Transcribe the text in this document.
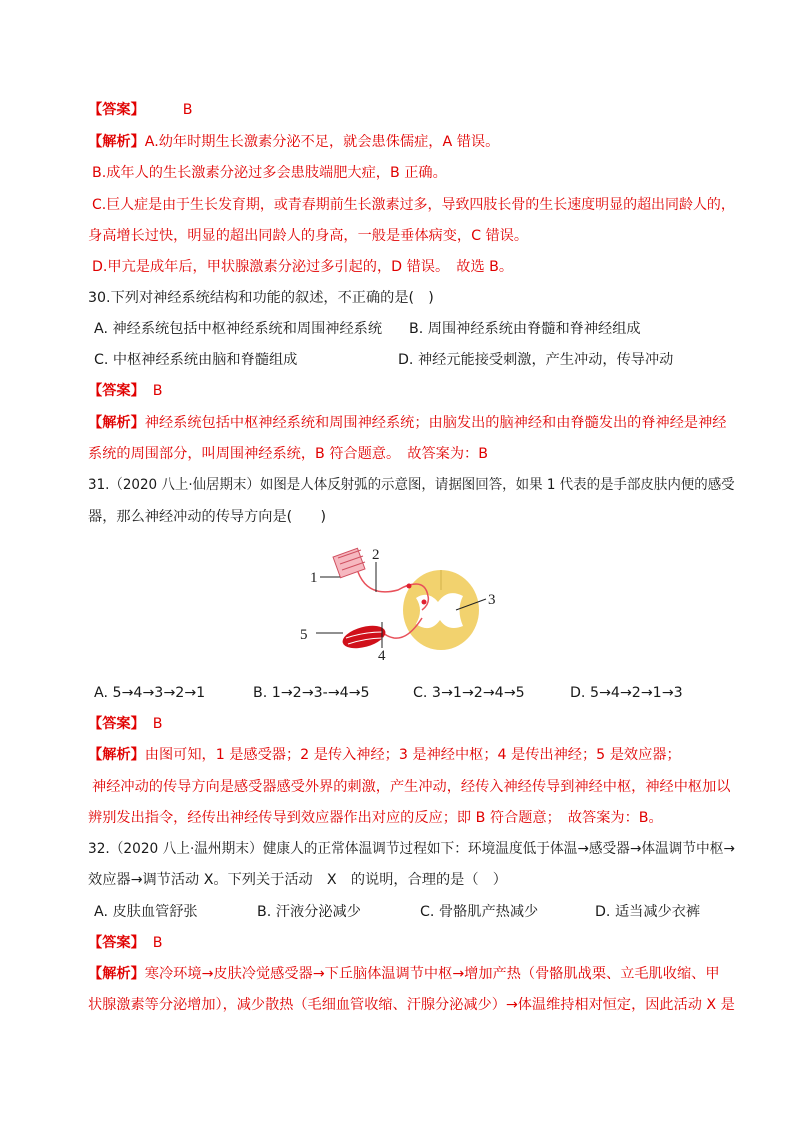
【答案】	B
【解析】A.幼年时期生长激素分泌不足，就会患侏儒症，A 错误。
B.成年人的生长激素分泌过多会患肢端肥大症，B 正确。
C.巨人症是由于生长发育期，或青春期前生长激素过多，导致四肢长骨的生长速度明显的超出同龄人的，
身高增长过快，明显的超出同龄人的身高，一般是垂体病变，C 错误。
D.甲亢是成年后，甲状腺激素分泌过多引起的，D 错误。　故选 B。
30.下列对神经系统结构和功能的叙述，不正确的是(　)
A. 神经系统包括中枢神经系统和周围神经系统 B. 周围神经系统由脊髓和脊神经组成
C. 中枢神经系统由脑和脊髓组成	D. 神经元能接受刺激，产生冲动，传导冲动
【答案】 B
【解析】神经系统包括中枢神经系统和周围神经系统；由脑发出的脑神经和由脊髓发出的脊神经是神经
系统的周围部分，叫周围神经系统，B 符合题意。　故答案为：B
31.（2020 八上·仙居期末）如图是人体反射弧的示意图，请据图回答，如果 1 代表的是手部皮肤内便的感受
器，那么神经冲动的传导方向是(　　)
1
2
3
4
5
A. 5→4→3→2→1	B. 1→2→3-→4→5	C. 3→1→2→4→5	D. 5→4→2→1→3
【答案】 B
【解析】由图可知，1 是感受器；2 是传入神经；3 是神经中枢；4 是传出神经；5 是效应器；
神经冲动的传导方向是感受器感受外界的刺激，产生冲动，经传入神经传导到神经中枢，神经中枢加以
辨别发出指令，经传出神经传导到效应器作出对应的反应；即 B 符合题意；　故答案为：B。
32.（2020 八上·温州期末）健康人的正常体温调节过程如下：环境温度低于体温→感受器→体温调节中枢→
效应器→调节活动 X。下列关于活动　X　的说明，合理的是（　）
A. 皮肤血管舒张	B. 汗液分泌减少	C. 骨骼肌产热减少	D. 适当减少衣裤
【答案】 B
【解析】寒冷环境→皮肤冷觉感受器→下丘脑体温调节中枢→增加产热（骨骼肌战栗、立毛肌收缩、甲
状腺激素等分泌增加），减少散热（毛细血管收缩、汗腺分泌减少）→体温维持相对恒定，因此活动 X 是
